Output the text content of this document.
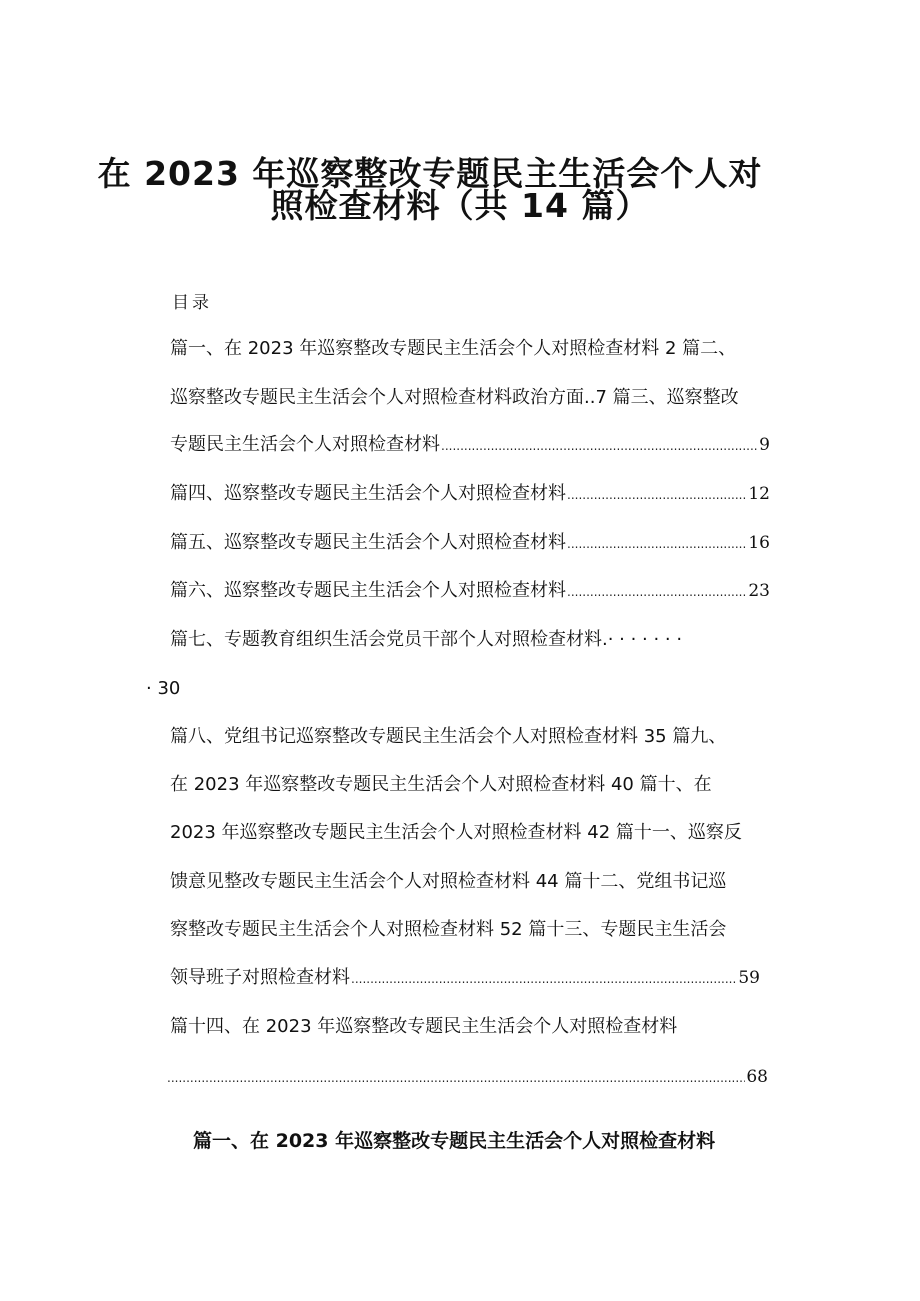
在 2023 年巡察整改专题民主生活会个人对
照检查材料（共 14 篇）
目录
篇一、在 2023 年巡察整改专题民主生活会个人对照检查材料 2 篇二、
巡察整改专题民主生活会个人对照检查材料政治方面..7 篇三、巡察整改
专题民主生活会个人对照检查材料 .....	9
篇四、巡察整改专题民主生活会个人对照检查材料 .....	12
篇五、巡察整改专题民主生活会个人对照检查材料 .....	16
篇六、巡察整改专题民主生活会个人对照检查材料 .....	23
篇七、专题教育组织生活会党员干部个人对照检查材料.· · · · · · ·
· 30
篇八、党组书记巡察整改专题民主生活会个人对照检查材料 35 篇九、
在 2023 年巡察整改专题民主生活会个人对照检查材料 40 篇十、在
2023 年巡察整改专题民主生活会个人对照检查材料 42 篇十一、巡察反
馈意见整改专题民主生活会个人对照检查材料 44 篇十二、党组书记巡
察整改专题民主生活会个人对照检查材料 52 篇十三、专题民主生活会
领导班子对照检查材料 .....	59
篇十四、在 2023 年巡察整改专题民主生活会个人对照检查材料
.....
68
篇一、在 2023 年巡察整改专题民主生活会个人对照检查材料
